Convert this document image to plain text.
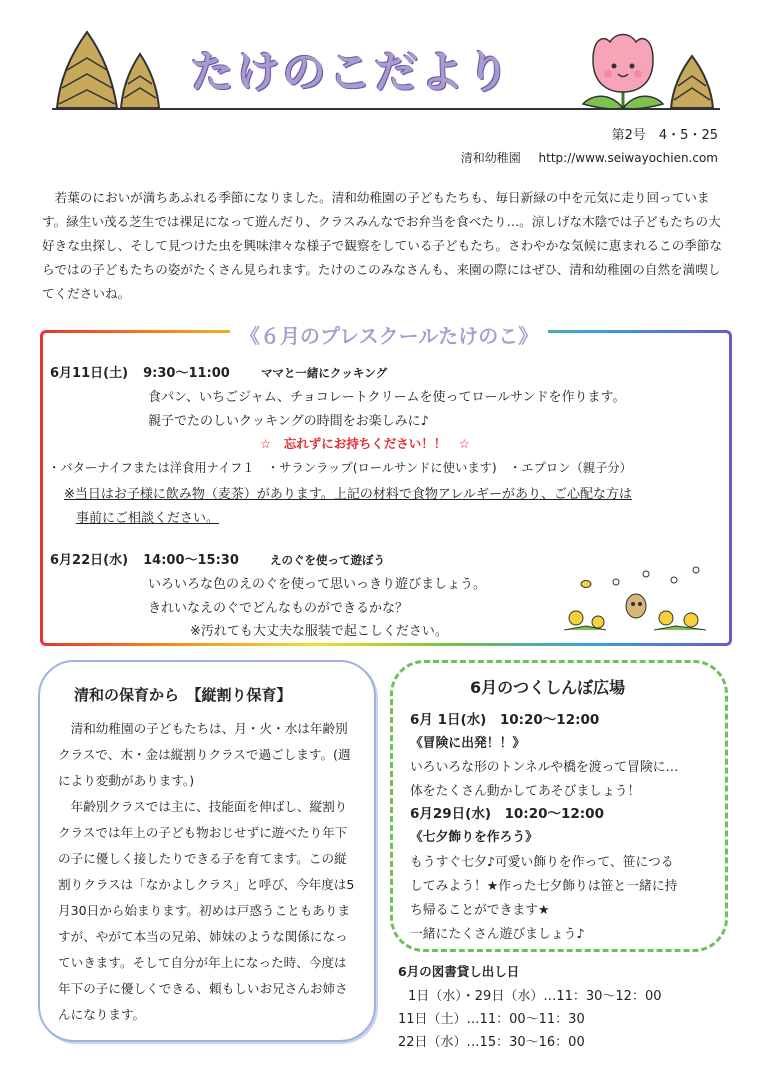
たけのこだより
第2号　4・5・25
清和幼稚園 http://www.seiwayochien.com
若葉のにおいが満ちあふれる季節になりました。清和幼稚園の子どもたちも、毎日新緑の中を元気に走り回っています。緑生い茂る芝生では裸足になって遊んだり、クラスみんなでお弁当を食べたり…。涼しげな木陰では子どもたちの大好きな虫探し、そして見つけた虫を興味津々な様子で観察をしている子どもたち。さわやかな気候に恵まれるこの季節ならではの子どもたちの姿がたくさん見られます。たけのこのみなさんも、来園の際にはぜひ、清和幼稚園の自然を満喫してくださいね。
《６月のプレスクールたけのこ》
6月11日(土) 9:30～11:00	ママと一緒にクッキング
食パン、いちごジャム、チョコレートクリームを使ってロールサンドを作ります。
親子でたのしいクッキングの時間をお楽しみに♪
☆　忘れずにお持ちください！！　☆
・バターナイフまたは洋食用ナイフ１　・サランラップ(ロールサンドに使います)　・エプロン（親子分）
※当日はお子様に飲み物（麦茶）があります。上記の材料で食物アレルギーがあり、ご心配な方は
事前にご相談ください。
6月22日(水) 14:00～15:30	えのぐを使って遊ぼう
いろいろな色のえのぐを使って思いっきり遊びましょう。
きれいなえのぐでどんなものができるかな？
※汚れても大丈夫な服装で起こしください。
清和の保育から　【縦割り保育】
清和幼稚園の子どもたちは、月・火・水は年齢別クラスで、木・金は縦割りクラスで過ごします。(週により変動があります。)
年齢別クラスでは主に、技能面を伸ばし、縦割りクラスでは年上の子ども物おじせずに遊べたり年下の子に優しく接したりできる子を育てます。この縦割りクラスは「なかよしクラス」と呼び、今年度は5月30日から始まります。初めは戸惑うこともありますが、やがて本当の兄弟、姉妹のような関係になっていきます。そして自分が年上になった時、今度は年下の子に優しくできる、頼もしいお兄さんお姉さんになります。
6月のつくしんぼ広場
6月 1日(水)　10:20～12:00
《冒険に出発！！》
いろいろな形のトンネルや橋を渡って冒険に…
体をたくさん動かしてあそびましょう！
6月29日(水)　10:20～12:00
《七夕飾りを作ろう》
もうすぐ七夕♪可愛い飾りを作って、笹につる
してみよう！★作った七夕飾りは笹と一緒に持
ち帰ることができます★
一緒にたくさん遊びましょう♪
6月の図書貸し出し日
1日（水）・29日（水）…11：30～12：00
11日（土）…11：00～11：30
22日（水）…15：30～16：00
